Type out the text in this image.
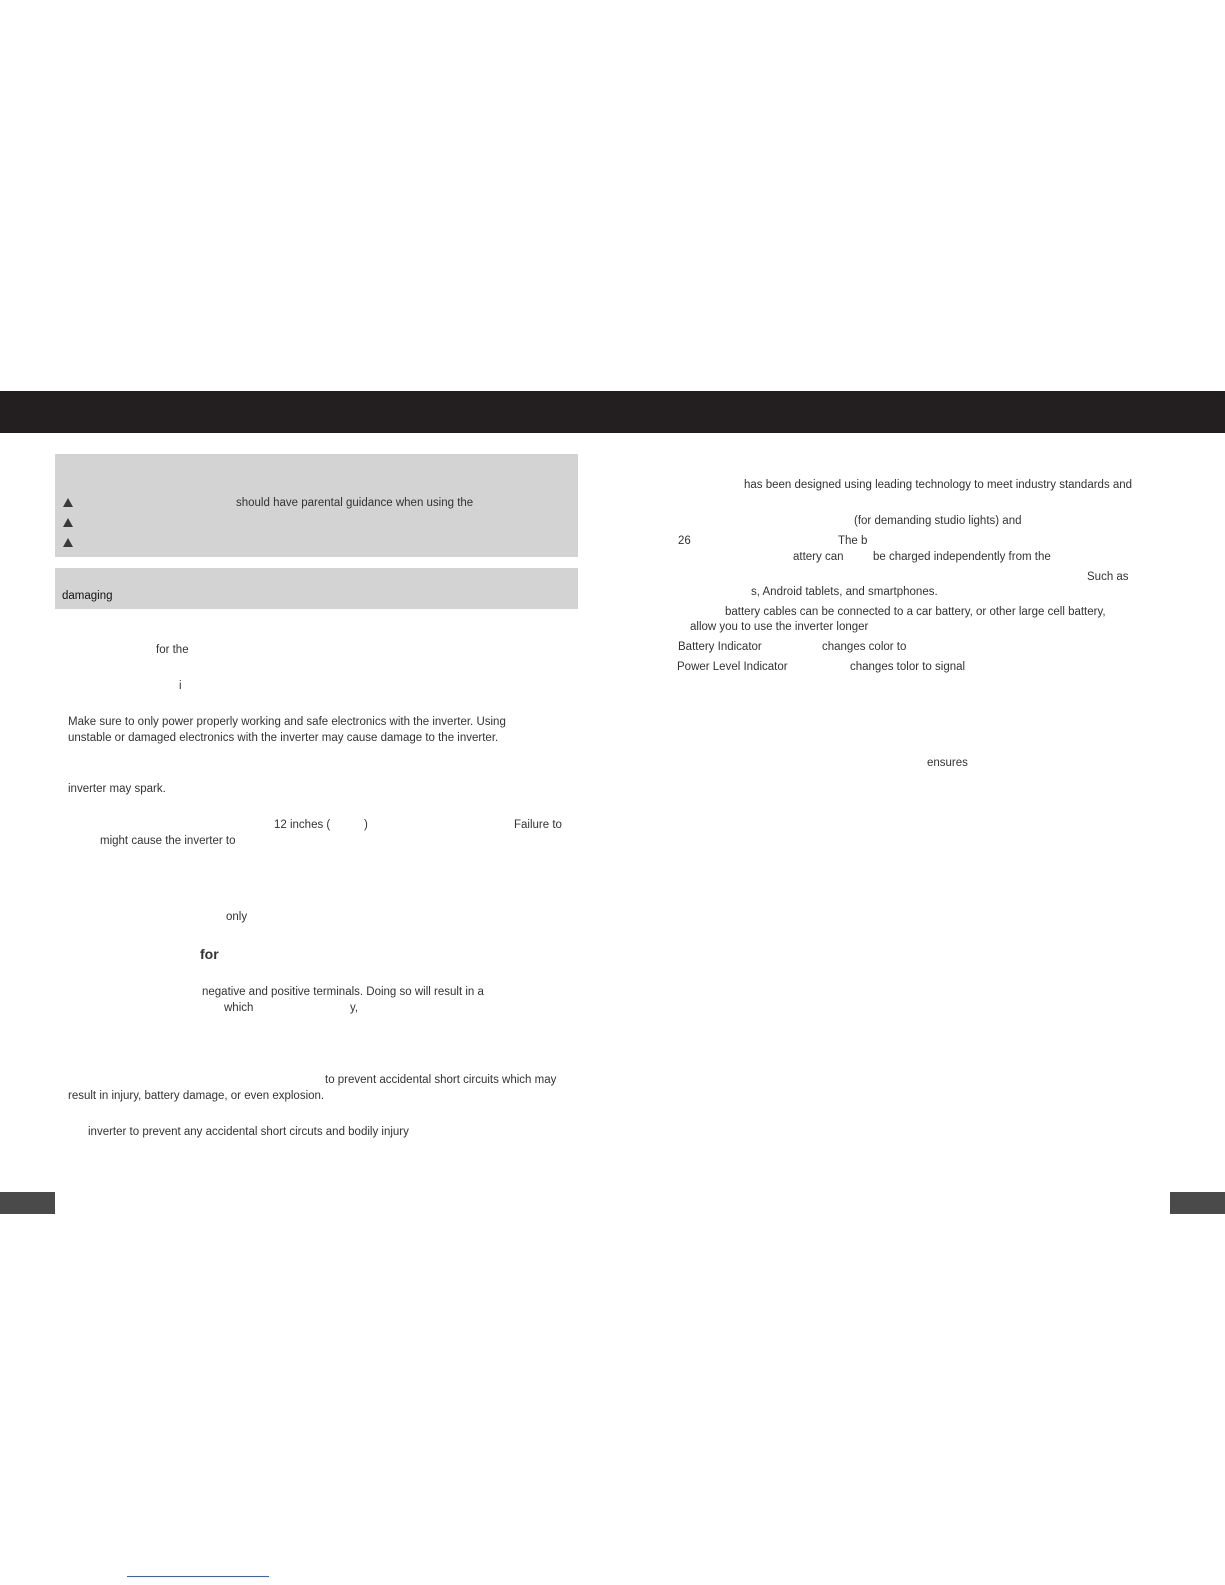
should have parental guidance when using the
damaging
for the
i
Make sure to only power properly working and safe electronics with the inverter. Using
unstable or damaged electronics with the inverter may cause damage to the inverter.
inverter may spark.
12 inches (	)	Failure to
might cause the inverter to
only
for
negative and positive terminals. Doing so will result in a
which	y,
to prevent accidental short circuits which may
result in injury, battery damage, or even explosion.
inverter to prevent any accidental short circuts and bodily injury
has been designed using leading technology to meet industry standards and
(for demanding studio lights) and
26	The b
attery can	be charged independently from the
Such as
s, Android tablets, and smartphones.
battery cables can be connected to a car battery, or other large cell battery,
allow you to use the inverter longer
Battery Indicator	changes color to
Power Level Indicator	changes tolor to signal
ensures
